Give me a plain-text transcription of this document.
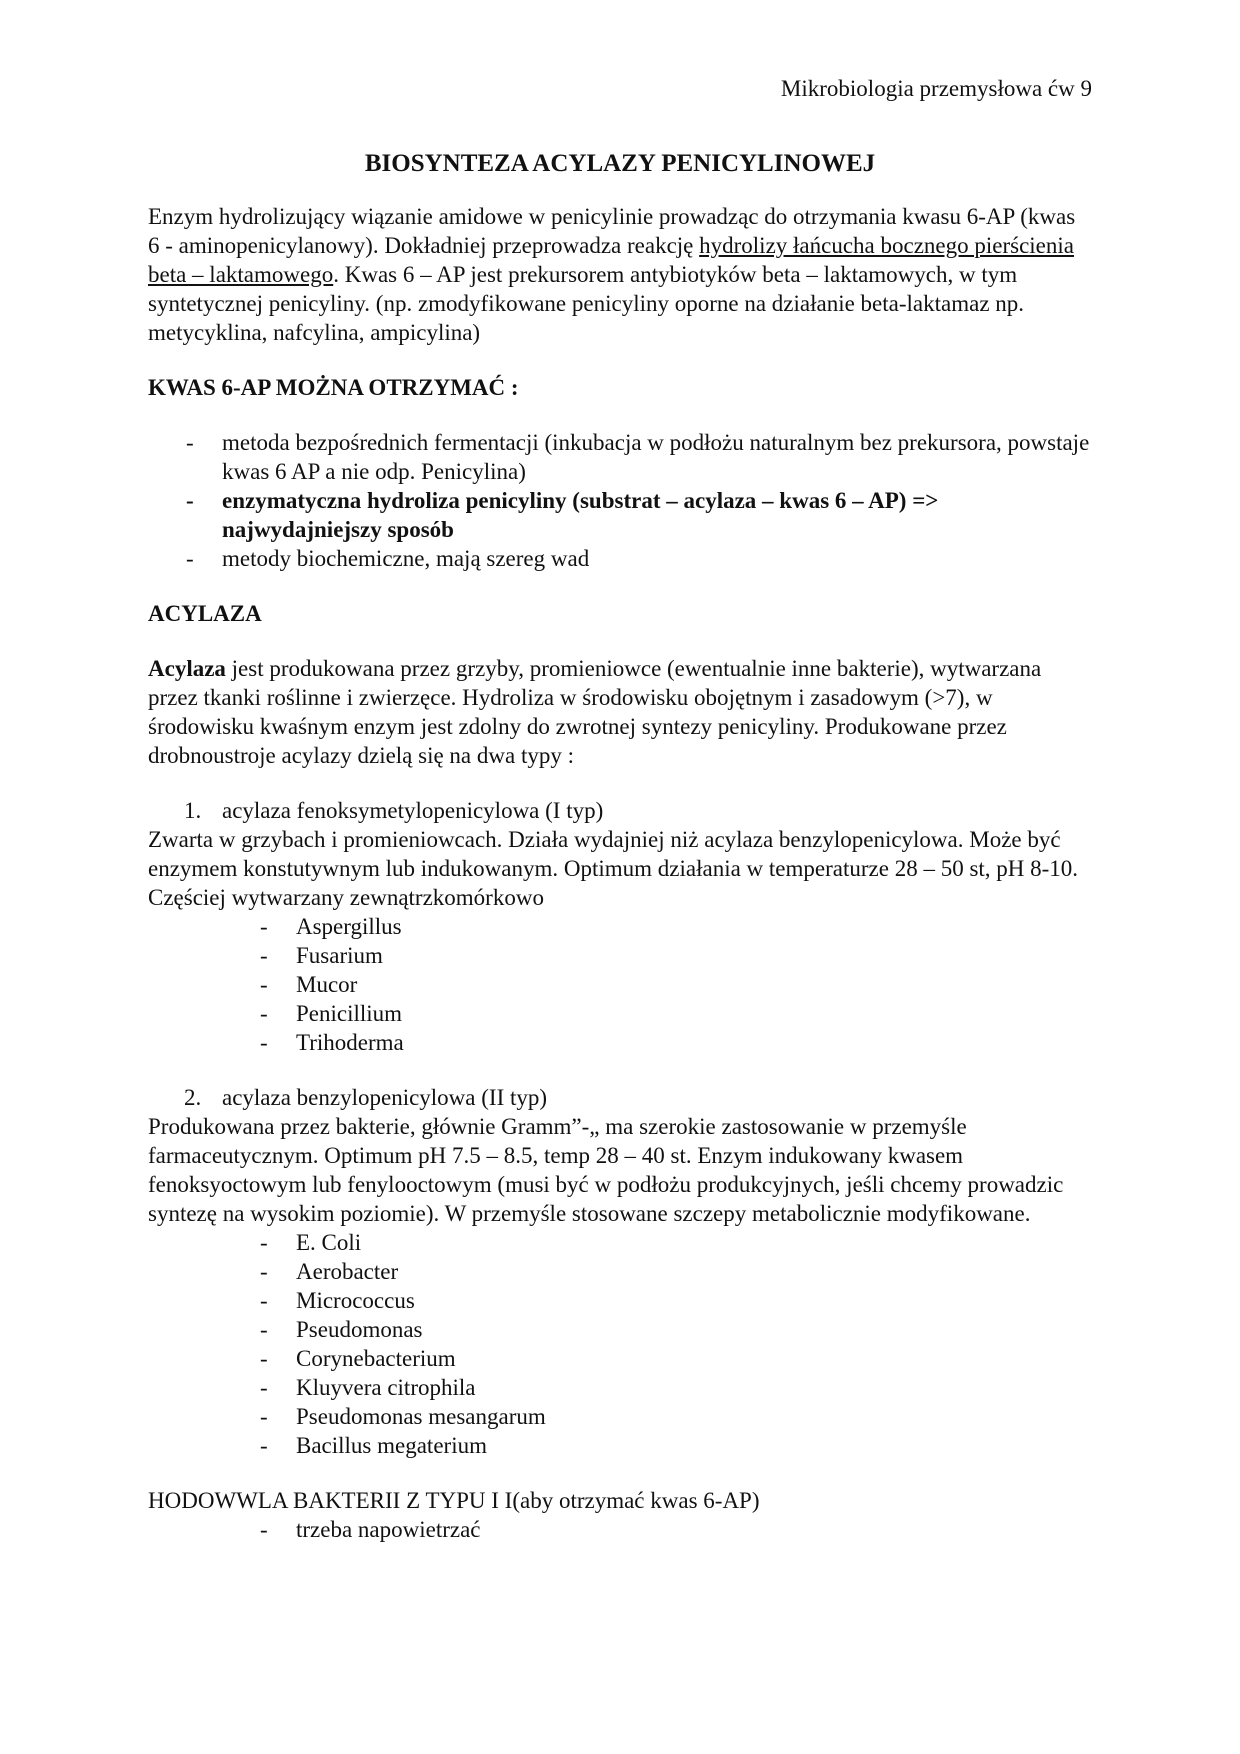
Mikrobiologia przemysłowa ćw 9
BIOSYNTEZA ACYLAZY PENICYLINOWEJ

Enzym hydrolizujący wiązanie amidowe w penicylinie prowadząc do otrzymania kwasu 6-AP (kwas 6 - aminopenicylanowy). Dokładniej przeprowadza reakcję hydrolizy łańcucha bocznego pierścienia beta – laktamowego. Kwas 6 – AP jest prekursorem antybiotyków beta – laktamowych, w tym syntetycznej penicyliny. (np. zmodyfikowane penicyliny oporne na działanie beta-laktamaz np. metycyklina, nafcylina, ampicylina)

KWAS 6-AP MOŻNA OTRZYMAĆ :

- metoda bezpośrednich fermentacji (inkubacja w podłożu naturalnym bez prekursora, powstaje kwas 6 AP a nie odp. Penicylina)
- enzymatyczna hydroliza penicyliny (substrat – acylaza – kwas 6 – AP) => najwydajniejszy sposób
- metody biochemiczne, mają szereg wad

ACYLAZA

Acylaza jest produkowana przez grzyby, promieniowce (ewentualnie inne bakterie), wytwarzana przez tkanki roślinne i zwierzęce. Hydroliza w środowisku obojętnym i zasadowym (>7), w środowisku kwaśnym enzym jest zdolny do zwrotnej syntezy penicyliny. Produkowane przez drobnoustroje acylazy dzielą się na dwa typy :

1. acylaza fenoksymetylopenicylowa (I typ)

Zwarta w grzybach i promieniowcach. Działa wydajniej niż acylaza benzylopenicylowa. Może być enzymem konstutywnym lub indukowanym. Optimum działania w temperaturze 28 – 50 st, pH 8-10. Częściej wytwarzany zewnątrzkomórkowo

- Aspergillus
- Fusarium
- Mucor
- Penicillium
- Trihoderma
2. acylaza benzylopenicylowa (II typ)

Produkowana przez bakterie, głównie Gramm”-„ ma szerokie zastosowanie w przemyśle farmaceutycznym. Optimum pH 7.5 – 8.5, temp 28 – 40 st. Enzym indukowany kwasem fenoksyoctowym lub fenylooctowym (musi być w podłożu produkcyjnych, jeśli chcemy prowadzic syntezę na wysokim poziomie). W przemyśle stosowane szczepy metabolicznie modyfikowane.

- E. Coli
- Aerobacter
- Micrococcus
- Pseudomonas
- Corynebacterium
- Kluyvera citrophila
- Pseudomonas mesangarum
- Bacillus megaterium

HODOWWLA BAKTERII Z TYPU I I(aby otrzymać kwas 6-AP)

- trzeba napowietrzać
